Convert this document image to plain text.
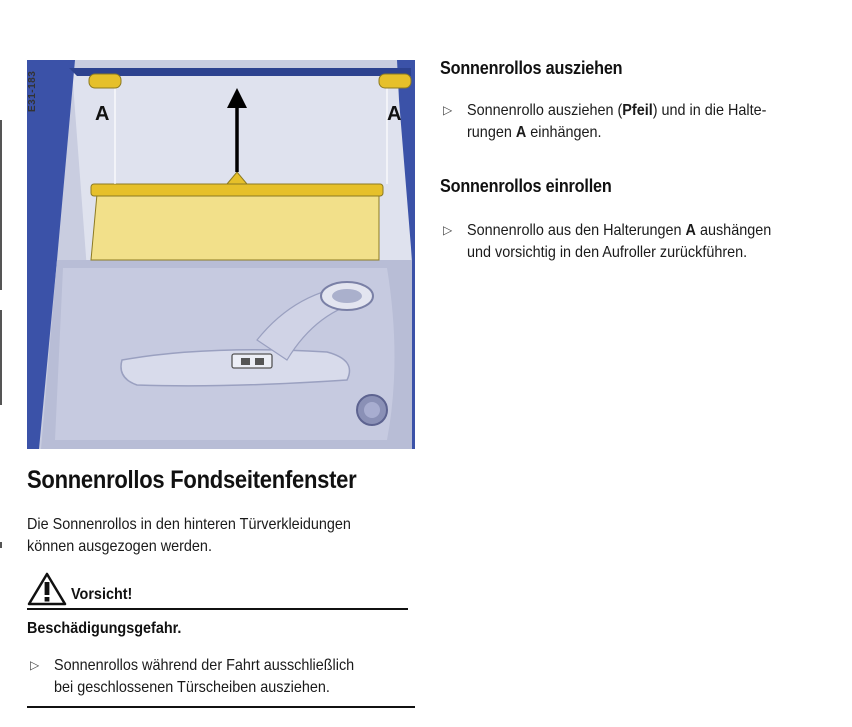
A	A
E31-183
Sonnenrollos ausziehen
▷ Sonnenrollo ausziehen (Pfeil) und in die Halte-
rungen A einhängen.

Sonnenrollos einrollen
▷ Sonnenrollo aus den Halterungen A aushängen
und vorsichtig in den Aufroller zurückführen.

Sonnenrollos Fondseitenfenster

Die Sonnenrollos in den hinteren Türverkleidungen
können ausgezogen werden.

Vorsicht!

Beschädigungsgefahr.

▷ Sonnenrollos während der Fahrt ausschließlich
bei geschlossenen Türscheiben ausziehen.
